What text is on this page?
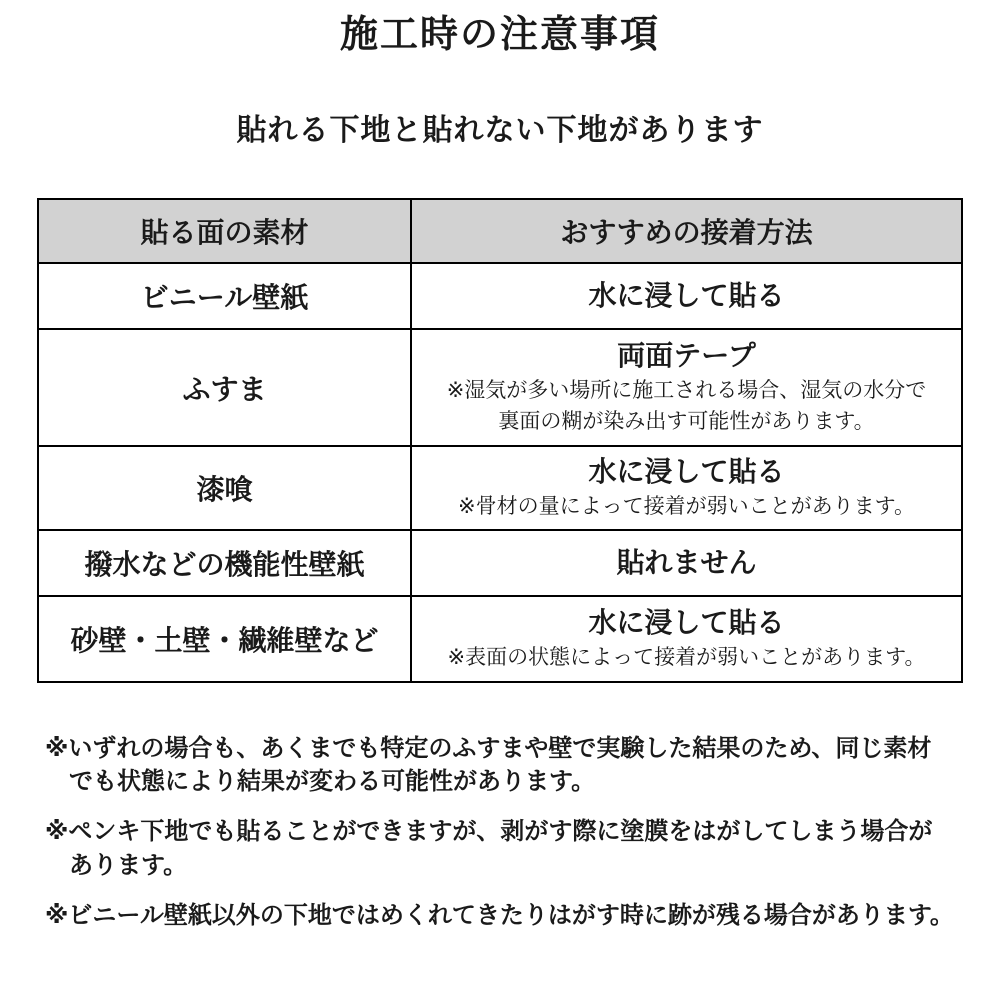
施工時の注意事項
貼れる下地と貼れない下地があります
貼る面の素材	おすすめの接着方法
ビニール壁紙	水に浸して貼る

ふすま	両面テープ
※湿気が多い場所に施工される場合、湿気の水分で
裏面の糊が染み出す可能性があります。

漆喰	水に浸して貼る
※骨材の量によって接着が弱いことがあります。

撥水などの機能性壁紙	貼れません

砂壁・土壁・繊維壁など	水に浸して貼る
※表面の状態によって接着が弱いことがあります。

※いずれの場合も、あくまでも特定のふすまや壁で実験した結果のため、同じ素材
でも状態により結果が変わる可能性があります。

※ペンキ下地でも貼ることができますが、剥がす際に塗膜をはがしてしまう場合が
あります。

※ビニール壁紙以外の下地ではめくれてきたりはがす時に跡が残る場合があります。
